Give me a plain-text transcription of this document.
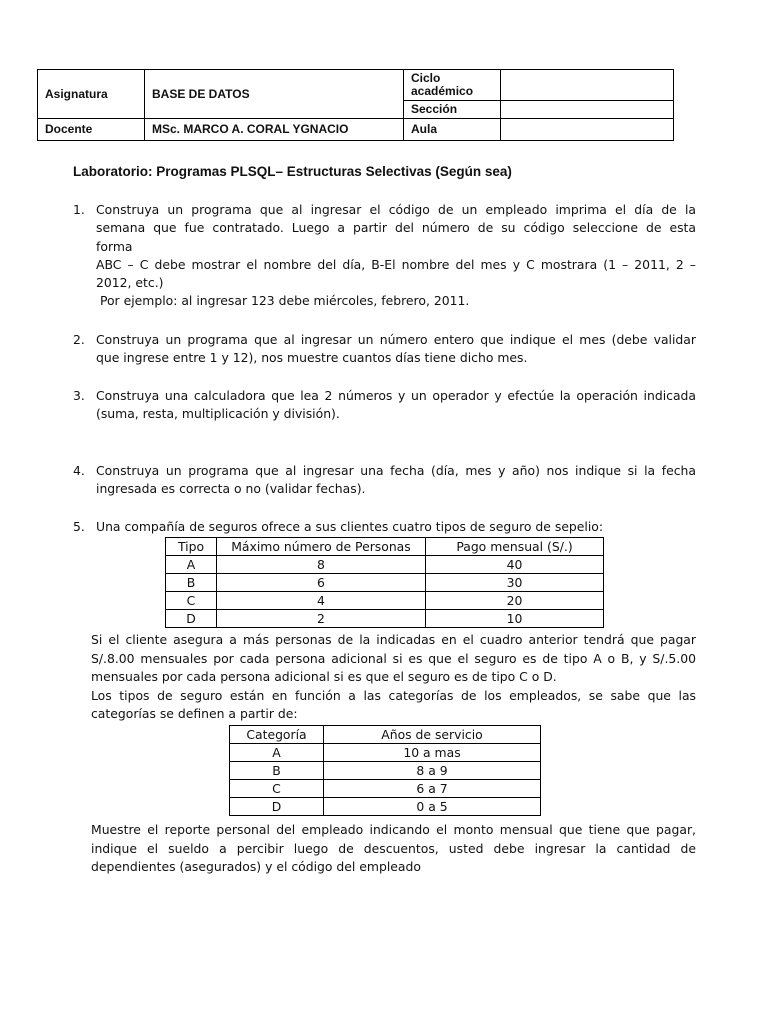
Asignatura	BASE DE DATOS	Ciclo
académico	
		Sección	
Docente	MSc. MARCO A. CORAL YGNACIO	Aula	
Laboratorio: Programas PLSQL– Estructuras Selectivas (Según sea)
1. Construya un programa que al ingresar el código de un empleado imprima el día de la
semana que fue contratado. Luego a partir del número de su código seleccione de esta
forma
ABC – C debe mostrar el nombre del día, B-El nombre del mes y C mostrara (1 – 2011, 2 –
2012, etc.)
Por ejemplo: al ingresar 123 debe miércoles, febrero, 2011.
2. Construya un programa que al ingresar un número entero que indique el mes (debe validar
que ingrese entre 1 y 12), nos muestre cuantos días tiene dicho mes.
3. Construya una calculadora que lea 2 números y un operador y efectúe la operación indicada
(suma, resta, multiplicación y división).
4. Construya un programa que al ingresar una fecha (día, mes y año) nos indique si la fecha
ingresada es correcta o no (validar fechas).
5. Una compañía de seguros ofrece a sus clientes cuatro tipos de seguro de sepelio:
Tipo	Máximo número de Personas	Pago mensual (S/.)
A	8	40
B	6	30
C	4	20
D	2	10
Si el cliente asegura a más personas de la indicadas en el cuadro anterior tendrá que pagar
S/.8.00 mensuales por cada persona adicional si es que el seguro es de tipo A o B, y S/.5.00
mensuales por cada persona adicional si es que el seguro es de tipo C o D.
Los tipos de seguro están en función a las categorías de los empleados, se sabe que las
categorías se definen a partir de:
Categoría	Años de servicio
A	10 a mas
B	8 a 9
C	6 a 7
D	0 a 5
Muestre el reporte personal del empleado indicando el monto mensual que tiene que pagar,
indique el sueldo a percibir luego de descuentos, usted debe ingresar la cantidad de
dependientes (asegurados) y el código del empleado
